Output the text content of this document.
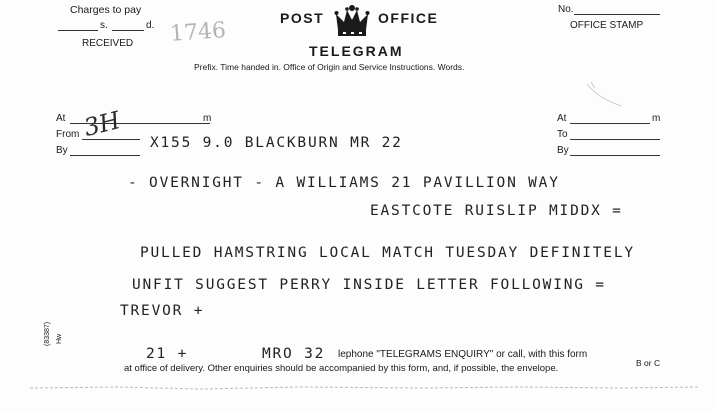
1746
Charges to pay
s.	d.
RECEIVED
POST	OFFICE
TELEGRAM
Prefix. Time handed in. Office of Origin and Service Instructions. Words.
No.
OFFICE STAMP
At	m
From
By
3H	At	m
To
By
X155 9.0 BLACKBURN MR 22
- OVERNIGHT - A WILLIAMS 21 PAVILLION WAY
EASTCOTE RUISLIP MIDDX =
PULLED HAMSTRING LOCAL MATCH TUESDAY DEFINITELY
UNFIT SUGGEST PERRY INSIDE LETTER FOLLOWING =
TREVOR +
(83387) Hw
21 +	MRO 32 lephone "TELEGRAMS ENQUIRY" or call, with this form
at office of delivery. Other enquiries should be accompanied by this form, and, if possible, the envelope.	B or C
